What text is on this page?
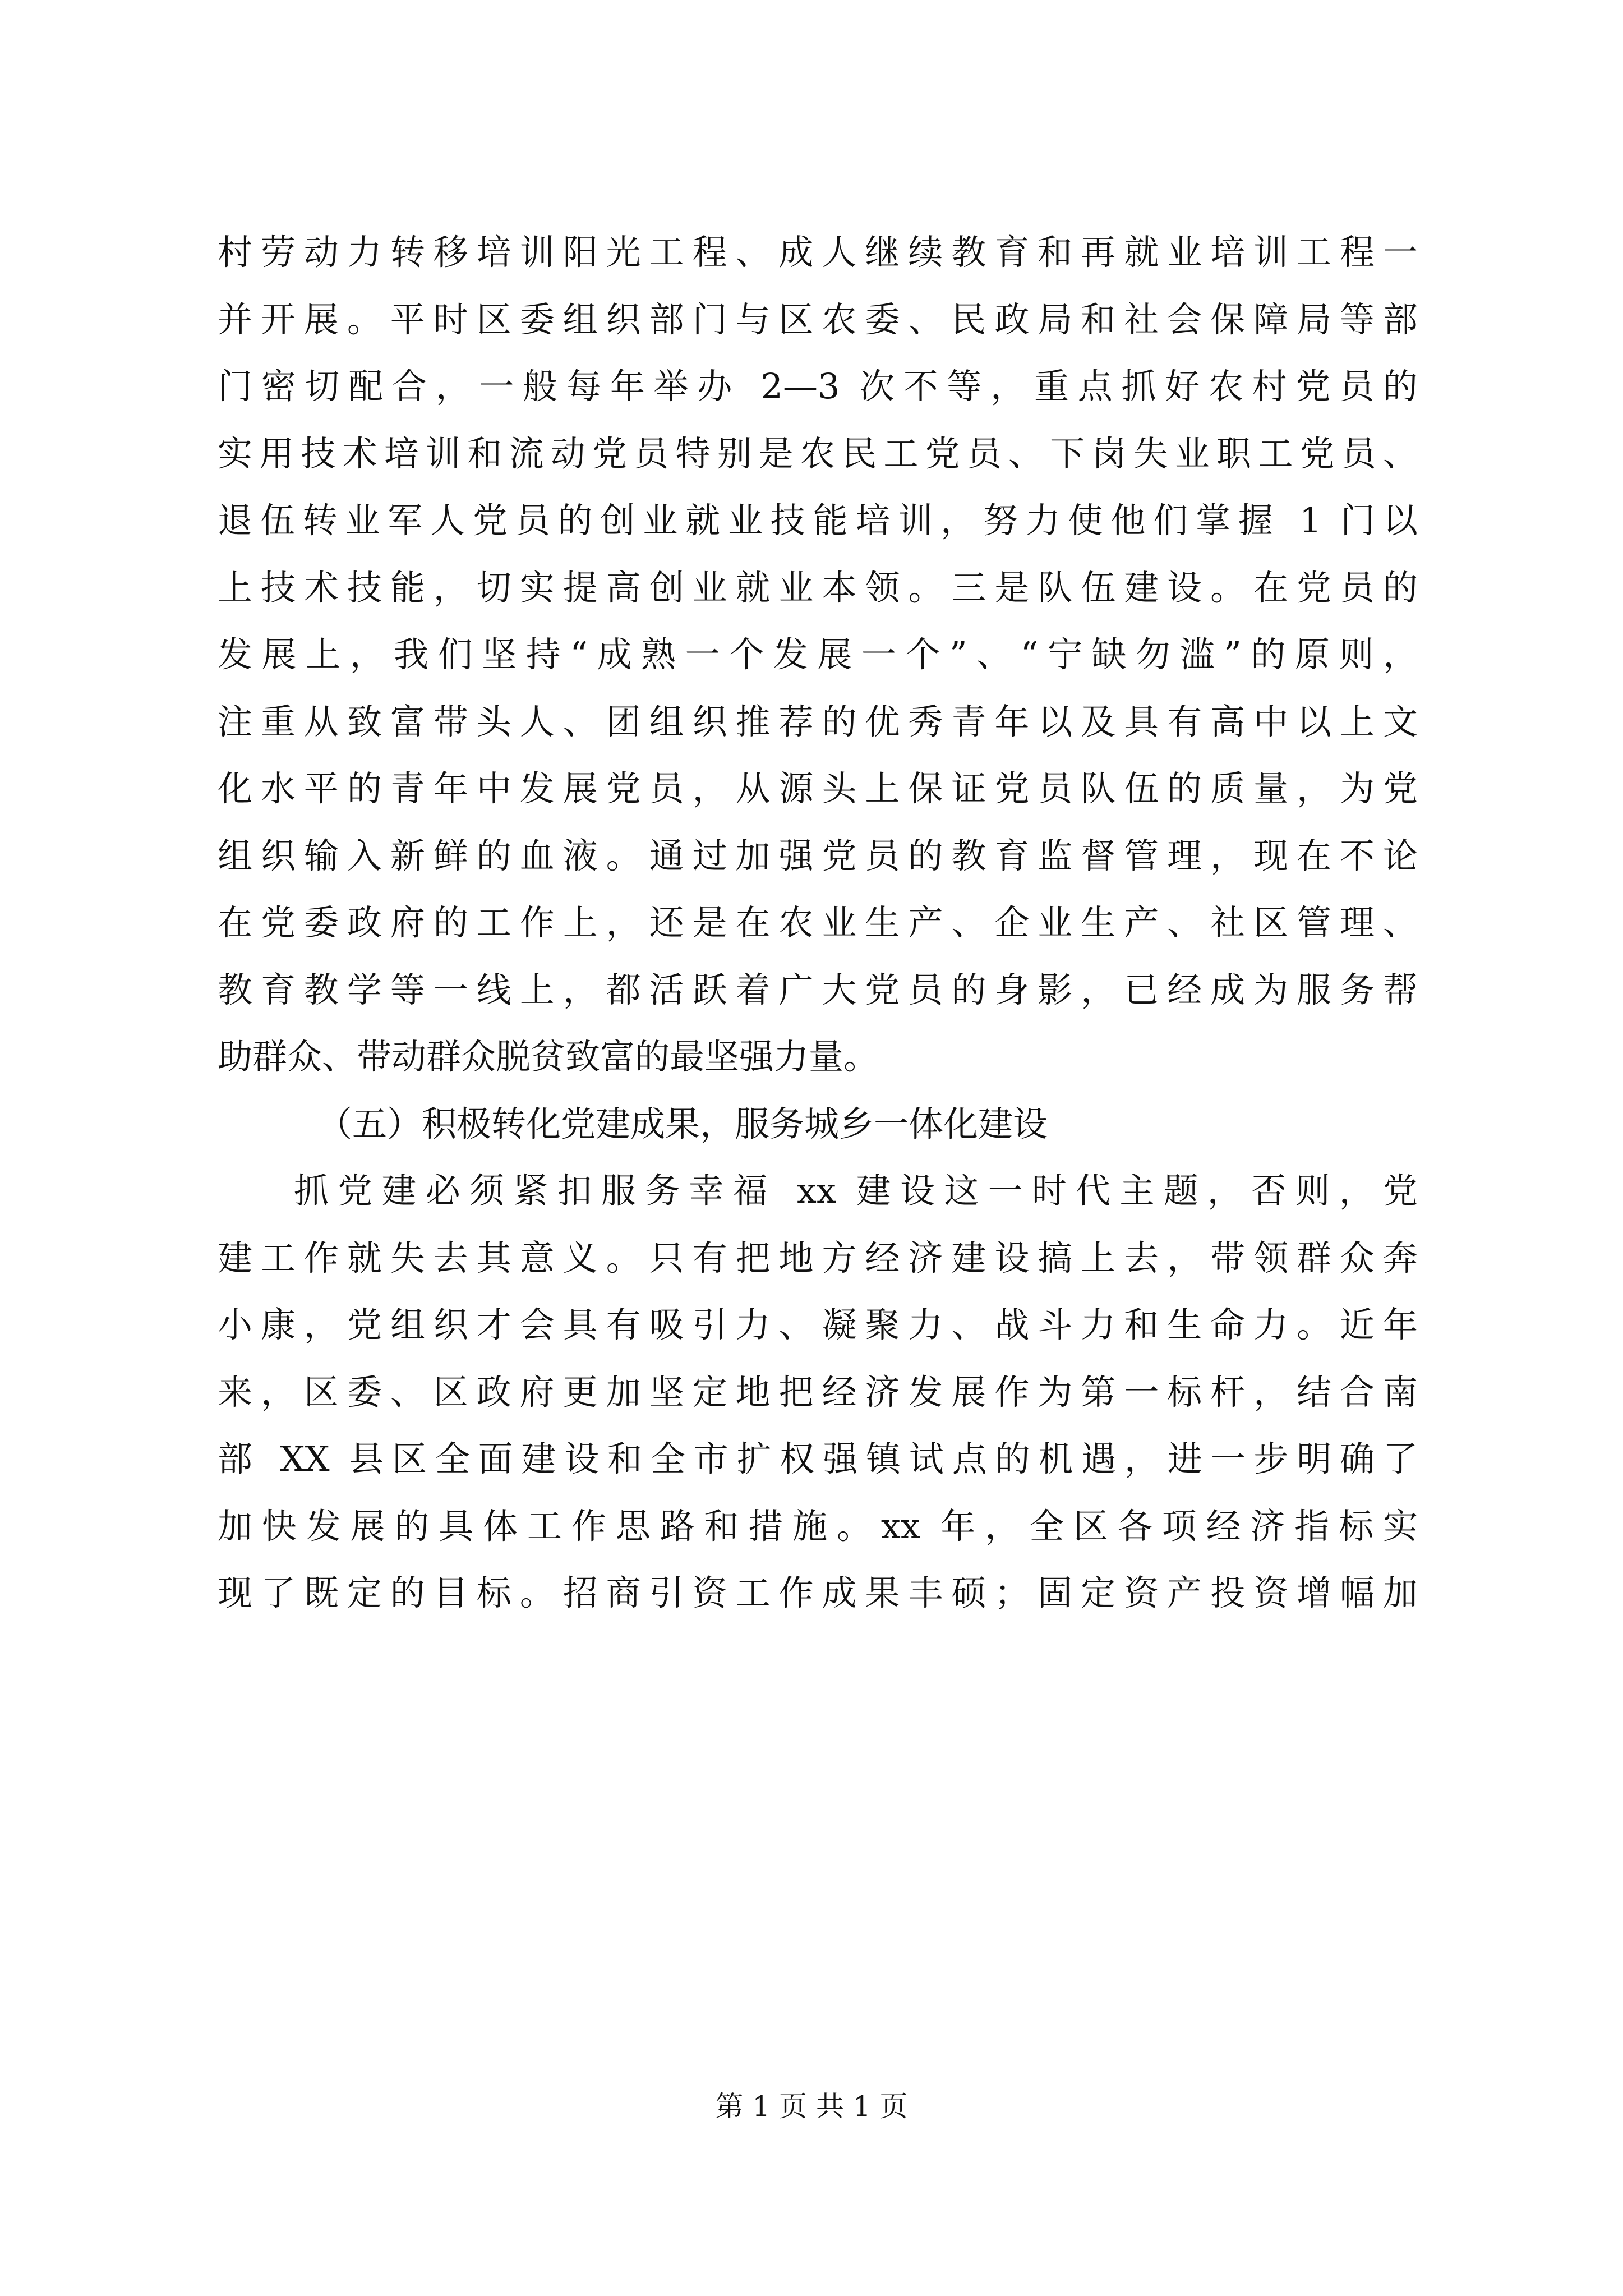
村劳动力转移培训阳光工程、成人继续教育和再就业培训工程一
并开展。平时区委组织部门与区农委、民政局和社会保障局等部
门密切配合，一般每年举办 2—3 次不等，重点抓好农村党员的
实用技术培训和流动党员特别是农民工党员、下岗失业职工党员、
退伍转业军人党员的创业就业技能培训，努力使他们掌握 1 门以
上技术技能，切实提高创业就业本领。三是队伍建设。在党员的
发展上，我们坚持“成熟一个发展一个”、“宁缺勿滥”的原则，
注重从致富带头人、团组织推荐的优秀青年以及具有高中以上文
化水平的青年中发展党员，从源头上保证党员队伍的质量，为党
组织输入新鲜的血液。通过加强党员的教育监督管理，现在不论
在党委政府的工作上，还是在农业生产、企业生产、社区管理、
教育教学等一线上，都活跃着广大党员的身影，已经成为服务帮
助群众、带动群众脱贫致富的最坚强力量。
（五）积极转化党建成果，服务城乡一体化建设
抓党建必须紧扣服务幸福 xx 建设这一时代主题，否则，党
建工作就失去其意义。只有把地方经济建设搞上去，带领群众奔
小康，党组织才会具有吸引力、凝聚力、战斗力和生命力。近年
来，区委、区政府更加坚定地把经济发展作为第一标杆，结合南
部 XX 县区全面建设和全市扩权强镇试点的机遇，进一步明确了
加快发展的具体工作思路和措施。xx 年，全区各项经济指标实
现了既定的目标。招商引资工作成果丰硕；固定资产投资增幅加
第 1 页 共 1 页
